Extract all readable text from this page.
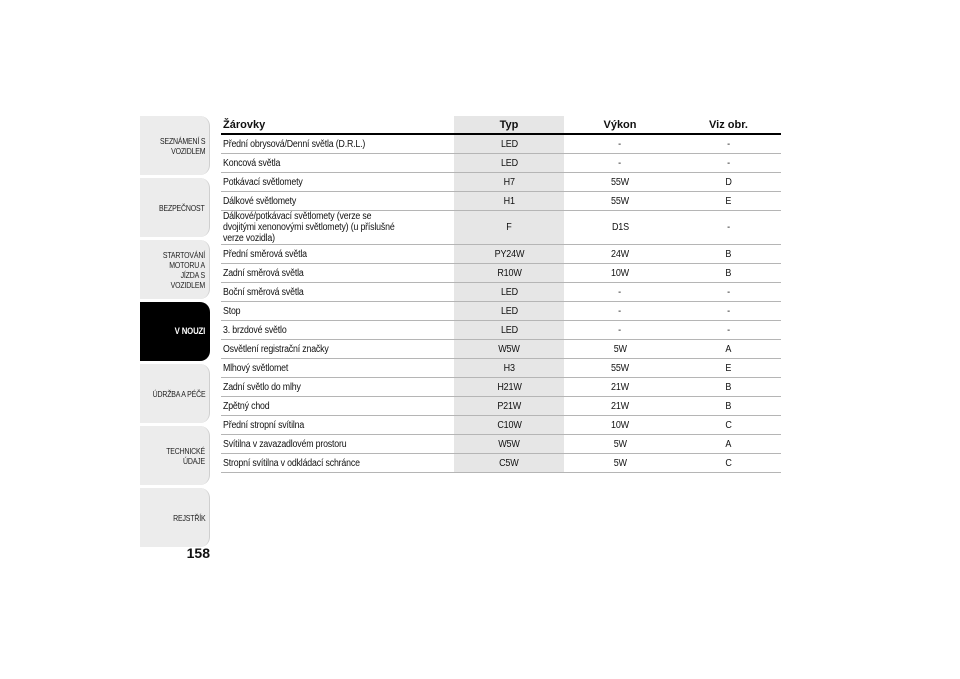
SEZNÁMENÍ S
VOZIDLEM
BEZPEČNOST
STARTOVÁNÍ
MOTORU A JÍZDA S
VOZIDLEM
V NOUZI
ÚDRŽBA A PÉČE
TECHNICKÉ ÚDAJE
REJSTŘÍK
158
Žárovky	Typ	Výkon	Viz obr.
Přední obrysová/Denní světla (D.R.L.)	LED	-	-
Koncová světla	LED	-	-
Potkávací světlomety	H7	55W	D
Dálkové světlomety	H1	55W	E
Dálkové/potkávací světlomety (verze se dvojitými xenonovými světlomety) (u příslušné verze vozidla)	F	D1S	-
Přední směrová světla	PY24W	24W	B
Zadní směrová světla	R10W	10W	B
Boční směrová světla	LED	-	-
Stop	LED	-	-
3. brzdové světlo	LED	-	-
Osvětlení registrační značky	W5W	5W	A
Mlhový světlomet	H3	55W	E
Zadní světlo do mlhy	H21W	21W	B
Zpětný chod	P21W	21W	B
Přední stropní svítilna	C10W	10W	C
Svítilna v zavazadlovém prostoru	W5W	5W	A
Stropní svítilna v odkládací schránce	C5W	5W	C
